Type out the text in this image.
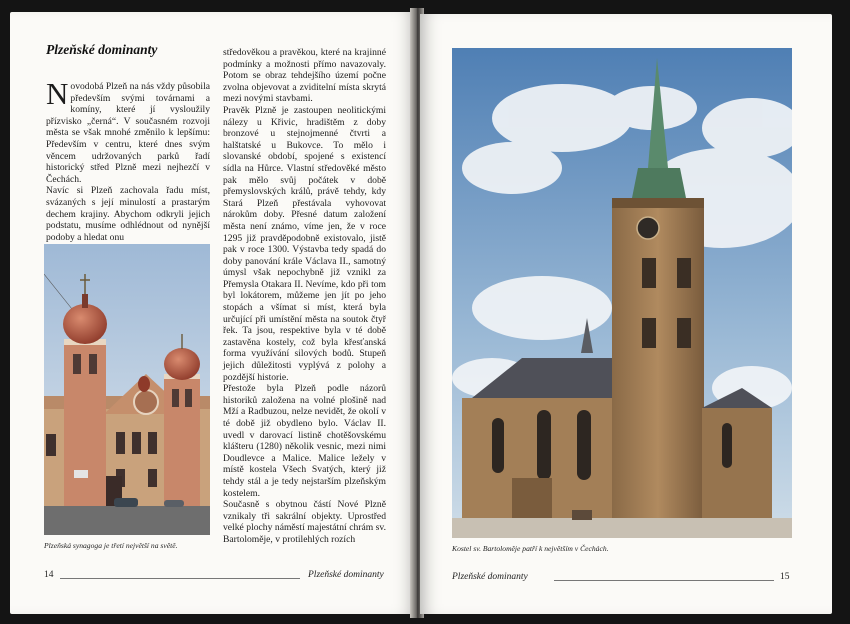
Plzeňské dominanty

Novodobá Plzeň na nás vždy působila především svými továrnami a komíny, které jí vysloužily přízvisko „černá“. V současném rozvoji města se však mnohé změnilo k lepšímu: Především v centru, které dnes svým věncem udržovaných parků řadí historický střed Plzně mezi nejhezčí v Čechách.

Navíc si Plzeň zachovala řadu míst, svázaných s její minulostí a prastarým dechem krajiny. Abychom odkryli jejich podstatu, musíme odhlédnout od nynější podoby a hledat onu

Plzeňská synagoga je třetí největší na světě.

středověkou a pravěkou, které na krajinné podmínky a možnosti přímo navazovaly. Potom se obraz tehdejšího území počne zvolna objevovat a zviditelní místa skrytá mezi novými stavbami.

Pravěk Plzně je zastoupen neolitickými nálezy u Křivic, hradištěm z doby bronzové u stejnojmenné čtvrti a halštatské u Bukovce. To mělo i slovanské období, spojené s existencí sídla na Hůrce. Vlastní středověké město pak mělo svůj počátek v době přemyslovských králů, právě tehdy, kdy Stará Plzeň přestávala vyhovovat nárokům doby. Přesné datum založení města není známo, víme jen, že v roce 1295 již pravděpodobně existovalo, jistě pak v roce 1300. Výstavba tedy spadá do doby panování krále Václava II., samotný úmysl však nepochybně již vznikl za Přemysla Otakara II. Nevíme, kdo při tom byl lokátorem, můžeme jen jít po jeho stopách a všímat si míst, která byla určující při umístění města na soutok čtyř řek. Ta jsou, respektive byla v té době zastavěna kostely, což byla křesťanská forma využívání silových bodů. Stupeň jejich důležitosti vyplývá z polohy a pozdější historie.

Přestože byla Plzeň podle názorů historiků založena na volné plošině nad Mží a Radbuzou, nelze nevidět, že okolí v té době již obydleno bylo. Václav II. uvedl v darovací listině chotěšovskému klášteru (1280) několik vesnic, mezi nimi Doudlevce a Malice. Malice ležely v místě kostela Všech Svatých, který již tehdy stál a je tedy nejstarším plzeňským kostelem.

Současně s obytnou částí Nové Plzně vznikaly tři sakrální objekty. Uprostřed velké plochy náměstí majestátní chrám sv. Bartoloměje, v protilehlých rozích

14	Plzeňské dominanty

Kostel sv. Bartoloměje patří k největším v Čechách.

Plzeňské dominanty	15
